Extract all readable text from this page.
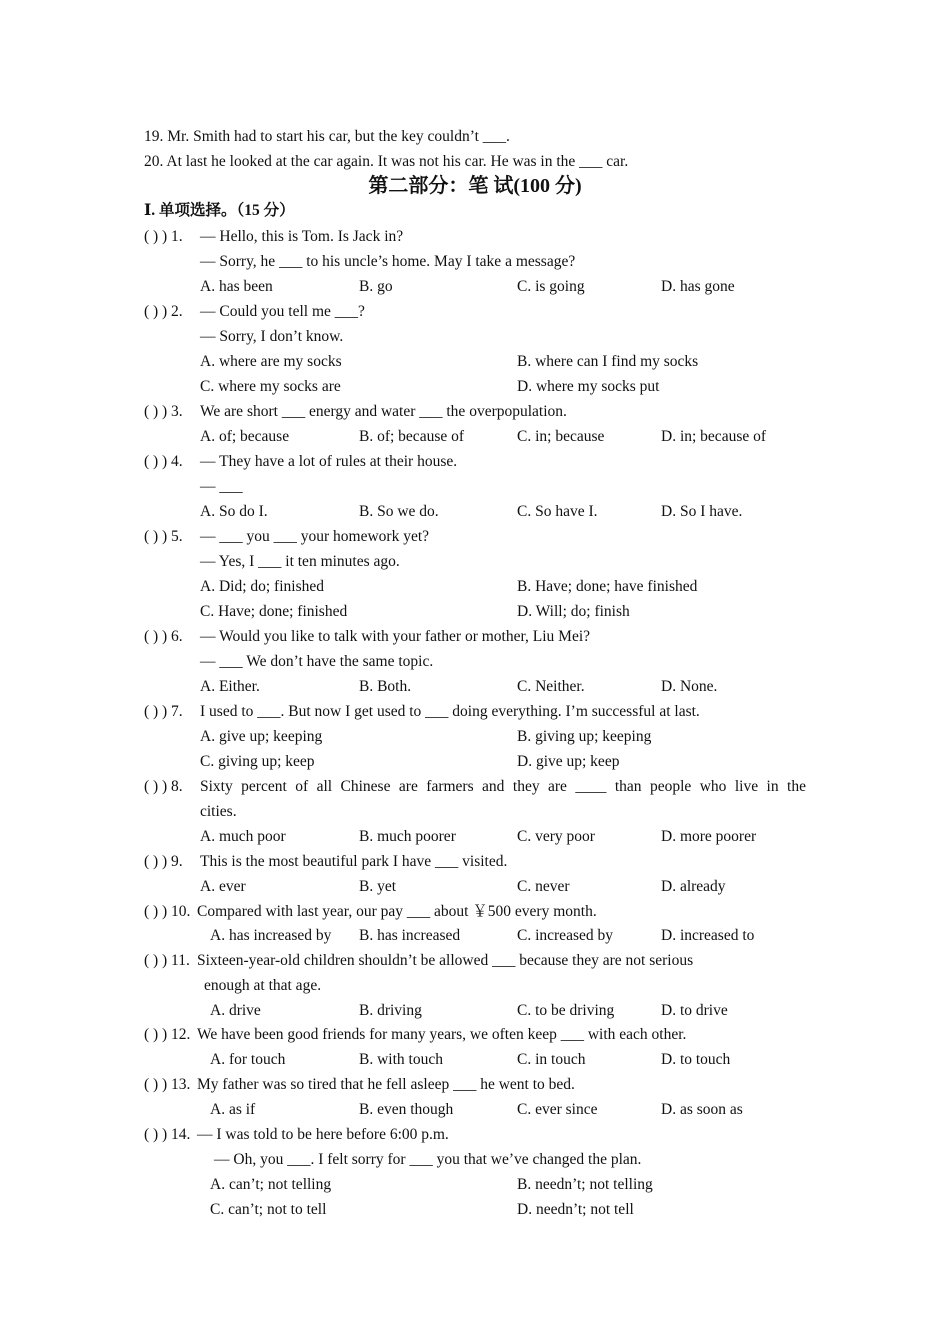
19. Mr. Smith had to start his car, but the key couldn’t ___.
20. At last he looked at the car again. It was not his car. He was in the ___ car.
第二部分：笔 试(100 分)
Ⅰ. 单项选择。（15 分）
( ) ) 1. — Hello, this is Tom. Is Jack in?
— Sorry, he ___ to his uncle’s home. May I take a message?
A. has been	B. go	C. is going	D. has gone
( ) ) 2. — Could you tell me ___?
— Sorry, I don’t know.
A. where are my socks	B. where can I find my socks
C. where my socks are	D. where my socks put
( ) ) 3. We are short ___ energy and water ___ the overpopulation.
A. of; because	B. of; because of	C. in; because	D. in; because of
( ) ) 4. — They have a lot of rules at their house.
— ___
A. So do I.	B. So we do.	C. So have I.	D. So I have.
( ) ) 5. — ___ you ___ your homework yet?
— Yes, I ___ it ten minutes ago.
A. Did; do; finished	B. Have; done; have finished
C. Have; done; finished	D. Will; do; finish
( ) ) 6. — Would you like to talk with your father or mother, Liu Mei?
— ___ We don’t have the same topic.
A. Either.	B. Both.	C. Neither.	D. None.
( ) ) 7. I used to ___. But now I get used to ___ doing everything. I’m successful at last.
A. give up; keeping	B. giving up; keeping
C. giving up; keep	D. give up; keep
( ) ) 8. Sixty percent of all Chinese are farmers and they are ____ than people who live in the
cities.
A. much poor	B. much poorer	C. very poor	D. more poorer
( ) ) 9. This is the most beautiful park I have ___ visited.
A. ever	B. yet	C. never	D. already
( ) ) 10. Compared with last year, our pay ___ about ￥500 every month.
A. has increased by B. has increased	C. increased by	D. increased to
( ) ) 11. Sixteen-year-old children shouldn’t be allowed ___ because they are not serious
enough at that age.
A. drive	B. driving	C. to be driving	D. to drive
( ) ) 12. We have been good friends for many years, we often keep ___ with each other.
A. for touch	B. with touch	C. in touch	D. to touch
( ) ) 13. My father was so tired that he fell asleep ___ he went to bed.
A. as if	B. even though	C. ever since	D. as soon as
( ) ) 14. — I was told to be here before 6:00 p.m.
— Oh, you ___. I felt sorry for ___ you that we’ve changed the plan.
A. can’t; not telling	B. needn’t; not telling
C. can’t; not to tell	D. needn’t; not tell
